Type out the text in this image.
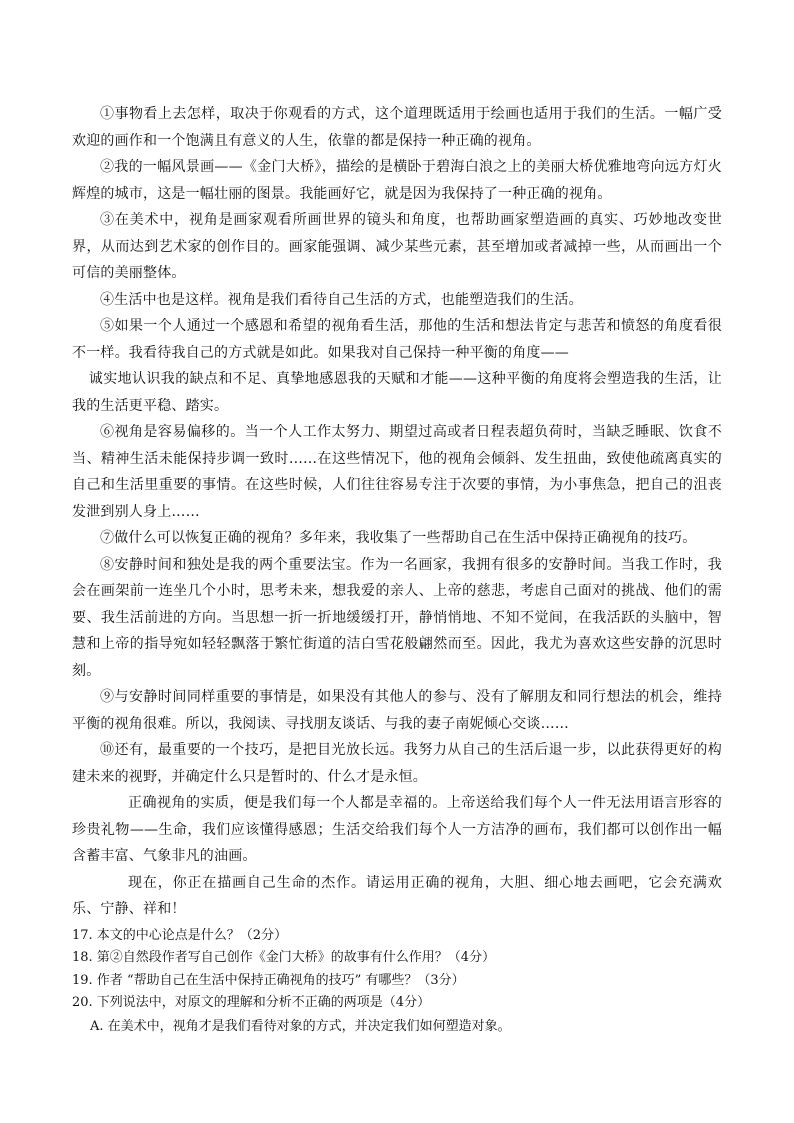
①事物看上去怎样，取决于你观看的方式，这个道理既适用于绘画也适用于我们的生活。一幅广受欢迎的画作和一个饱满且有意义的人生，依靠的都是保持一种正确的视角。

②我的一幅风景画——《金门大桥》，描绘的是横卧于碧海白浪之上的美丽大桥优雅地弯向远方灯火辉煌的城市，这是一幅壮丽的图景。我能画好它，就是因为我保持了一种正确的视角。

③在美术中，视角是画家观看所画世界的镜头和角度，也帮助画家塑造画的真实、巧妙地改变世界，从而达到艺术家的创作目的。画家能强调、减少某些元素，甚至增加或者减掉一些，从而画出一个可信的美丽整体。

④生活中也是这样。视角是我们看待自己生活的方式，也能塑造我们的生活。

⑤如果一个人通过一个感恩和希望的视角看生活，那他的生活和想法肯定与悲苦和愤怒的角度看很不一样。我看待我自己的方式就是如此。如果我对自己保持一种平衡的角度——

诚实地认识我的缺点和不足、真挚地感恩我的天赋和才能——这种平衡的角度将会塑造我的生活，让我的生活更平稳、踏实。

⑥视角是容易偏移的。当一个人工作太努力、期望过高或者日程表超负荷时，当缺乏睡眠、饮食不当、精神生活未能保持步调一致时……在这些情况下，他的视角会倾斜、发生扭曲，致使他疏离真实的自己和生活里重要的事情。在这些时候，人们往往容易专注于次要的事情，为小事焦急，把自己的沮丧发泄到别人身上……

⑦做什么可以恢复正确的视角？多年来，我收集了一些帮助自己在生活中保持正确视角的技巧。

⑧安静时间和独处是我的两个重要法宝。作为一名画家，我拥有很多的安静时间。当我工作时，我会在画架前一连坐几个小时，思考未来，想我爱的亲人、上帝的慈悲，考虑自己面对的挑战、他们的需要、我生活前进的方向。当思想一折一折地缓缓打开，静悄悄地、不知不觉间，在我活跃的头脑中，智慧和上帝的指导宛如轻轻飘落于繁忙街道的洁白雪花般翩然而至。因此，我尤为喜欢这些安静的沉思时刻。

⑨与安静时间同样重要的事情是，如果没有其他人的参与、没有了解朋友和同行想法的机会，维持平衡的视角很难。所以，我阅读、寻找朋友谈话、与我的妻子南妮倾心交谈……

⑩还有，最重要的一个技巧，是把目光放长远。我努力从自己的生活后退一步，以此获得更好的构建未来的视野，并确定什么只是暂时的、什么才是永恒。

正确视角的实质，便是我们每一个人都是幸福的。上帝送给我们每个人一件无法用语言形容的珍贵礼物——生命，我们应该懂得感恩；生活交给我们每个人一方洁净的画布，我们都可以创作出一幅含蓄丰富、气象非凡的油画。

现在，你正在描画自己生命的杰作。请运用正确的视角，大胆、细心地去画吧，它会充满欢乐、宁静、祥和！

17. 本文的中心论点是什么？（2分）

18. 第②自然段作者写自己创作《金门大桥》的故事有什么作用？（4分）

19. 作者 “帮助自己在生活中保持正确视角的技巧” 有哪些？（3分）

20. 下列说法中，对原文的理解和分析不正确的两项是（4分）

A. 在美术中，视角才是我们看待对象的方式，并决定我们如何塑造对象。
